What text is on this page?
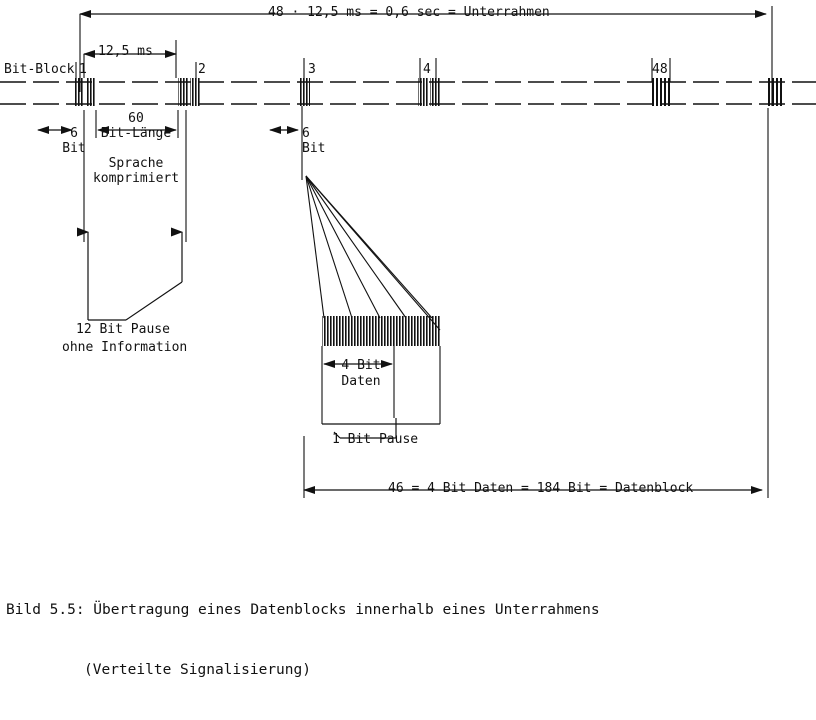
48 · 12,5 ms = 0,6 sec = Unterrahmen
12,5 ms
Bit-Block 1	2	3	4	48
6
Bit
Bit-Länge
60
Sprache
komprimiert
12 Bit Pause
ohne Information
6
Bit
4 Bit
Daten
1 Bit Pause
46 = 4 Bit Daten = 184 Bit = Datenblock

Bild 5.5: Übertragung eines Datenblocks innerhalb eines Unterrahmens

(Verteilte Signalisierung)
